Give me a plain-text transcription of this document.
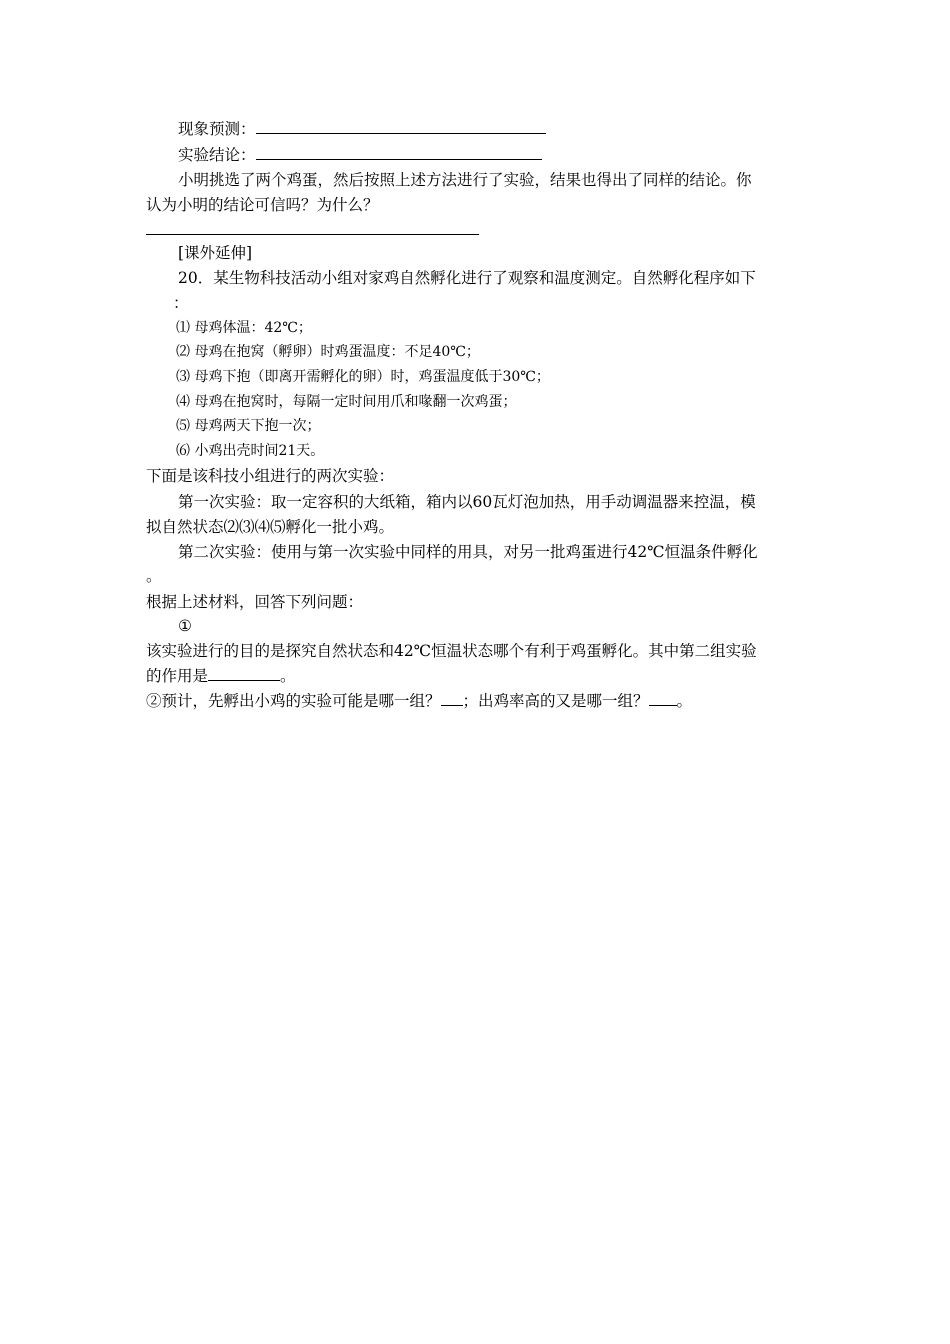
现象预测：
实验结论：
小明挑选了两个鸡蛋，然后按照上述方法进行了实验，结果也得出了同样的结论。你
认为小明的结论可信吗？为什么？
[课外延伸]
20．某生物科技活动小组对家鸡自然孵化进行了观察和温度测定。自然孵化程序如下
：
⑴ 母鸡体温：42℃；
⑵ 母鸡在抱窝（孵卵）时鸡蛋温度：不足40℃；
⑶ 母鸡下抱（即离开需孵化的卵）时，鸡蛋温度低于30℃；
⑷ 母鸡在抱窝时，每隔一定时间用爪和喙翻一次鸡蛋；
⑸ 母鸡两天下抱一次；
⑹ 小鸡出壳时间21天。
下面是该科技小组进行的两次实验：
第一次实验：取一定容积的大纸箱，箱内以60瓦灯泡加热，用手动调温器来控温，模
拟自然状态⑵⑶⑷⑸孵化一批小鸡。
第二次实验：使用与第一次实验中同样的用具，对另一批鸡蛋进行42℃恒温条件孵化
。
根据上述材料，回答下列问题：
①
该实验进行的目的是探究自然状态和42℃恒温状态哪个有利于鸡蛋孵化。其中第二组实验
的作用是	。
②预计，先孵出小鸡的实验可能是哪一组？ ；出鸡率高的又是哪一组？ 。
